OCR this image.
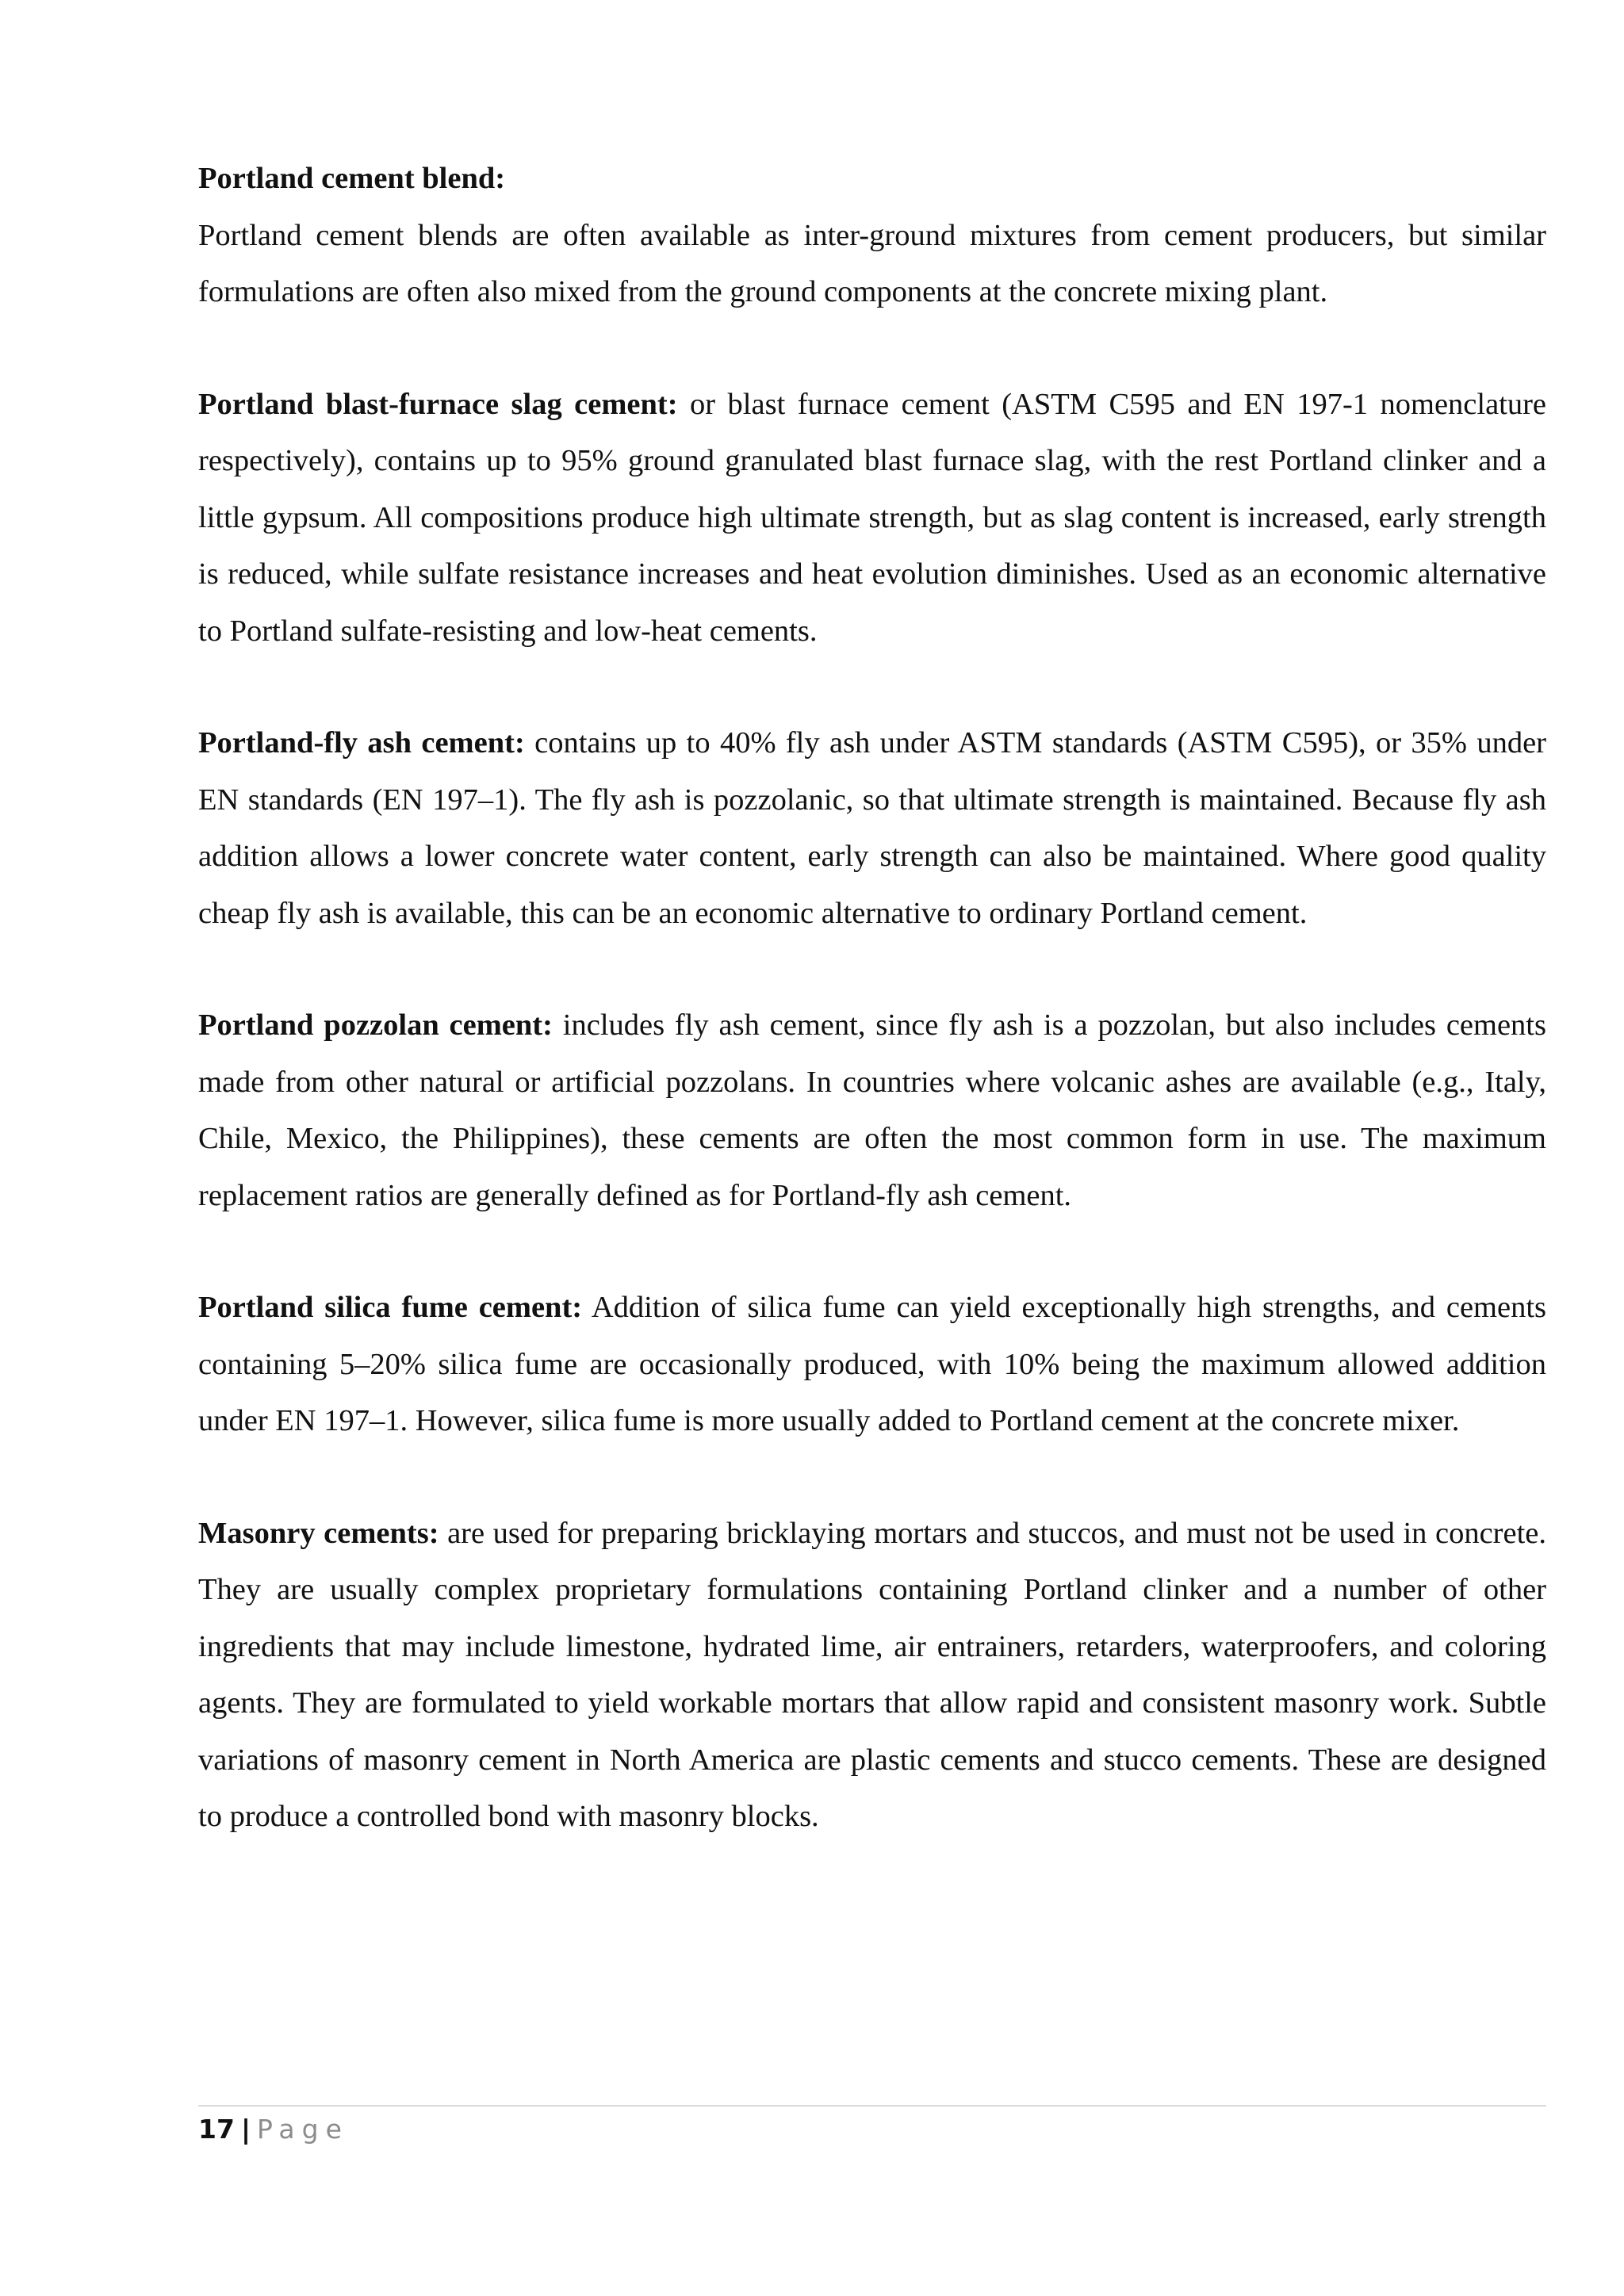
Portland cement blend:

Portland cement blends are often available as inter-ground mixtures from cement producers, but similar formulations are often also mixed from the ground components at the concrete mixing plant.

Portland blast-furnace slag cement: or blast furnace cement (ASTM C595 and EN 197-1 nomenclature respectively), contains up to 95% ground granulated blast furnace slag, with the rest Portland clinker and a little gypsum. All compositions produce high ultimate strength, but as slag content is increased, early strength is reduced, while sulfate resistance increases and heat evolution diminishes. Used as an economic alternative to Portland sulfate-resisting and low-heat cements.

Portland-fly ash cement: contains up to 40% fly ash under ASTM standards (ASTM C595), or 35% under EN standards (EN 197–1). The fly ash is pozzolanic, so that ultimate strength is maintained. Because fly ash addition allows a lower concrete water content, early strength can also be maintained. Where good quality cheap fly ash is available, this can be an economic alternative to ordinary Portland cement.

Portland pozzolan cement: includes fly ash cement, since fly ash is a pozzolan, but also includes cements made from other natural or artificial pozzolans. In countries where volcanic ashes are available (e.g., Italy, Chile, Mexico, the Philippines), these cements are often the most common form in use. The maximum replacement ratios are generally defined as for Portland-fly ash cement.

Portland silica fume cement: Addition of silica fume can yield exceptionally high strengths, and cements containing 5–20% silica fume are occasionally produced, with 10% being the maximum allowed addition under EN 197–1. However, silica fume is more usually added to Portland cement at the concrete mixer.

Masonry cements: are used for preparing bricklaying mortars and stuccos, and must not be used in concrete. They are usually complex proprietary formulations containing Portland clinker and a number of other ingredients that may include limestone, hydrated lime, air entrainers, retarders, waterproofers, and coloring agents. They are formulated to yield workable mortars that allow rapid and consistent masonry work. Subtle variations of masonry cement in North America are plastic cements and stucco cements. These are designed to produce a controlled bond with masonry blocks.

17 | Page
